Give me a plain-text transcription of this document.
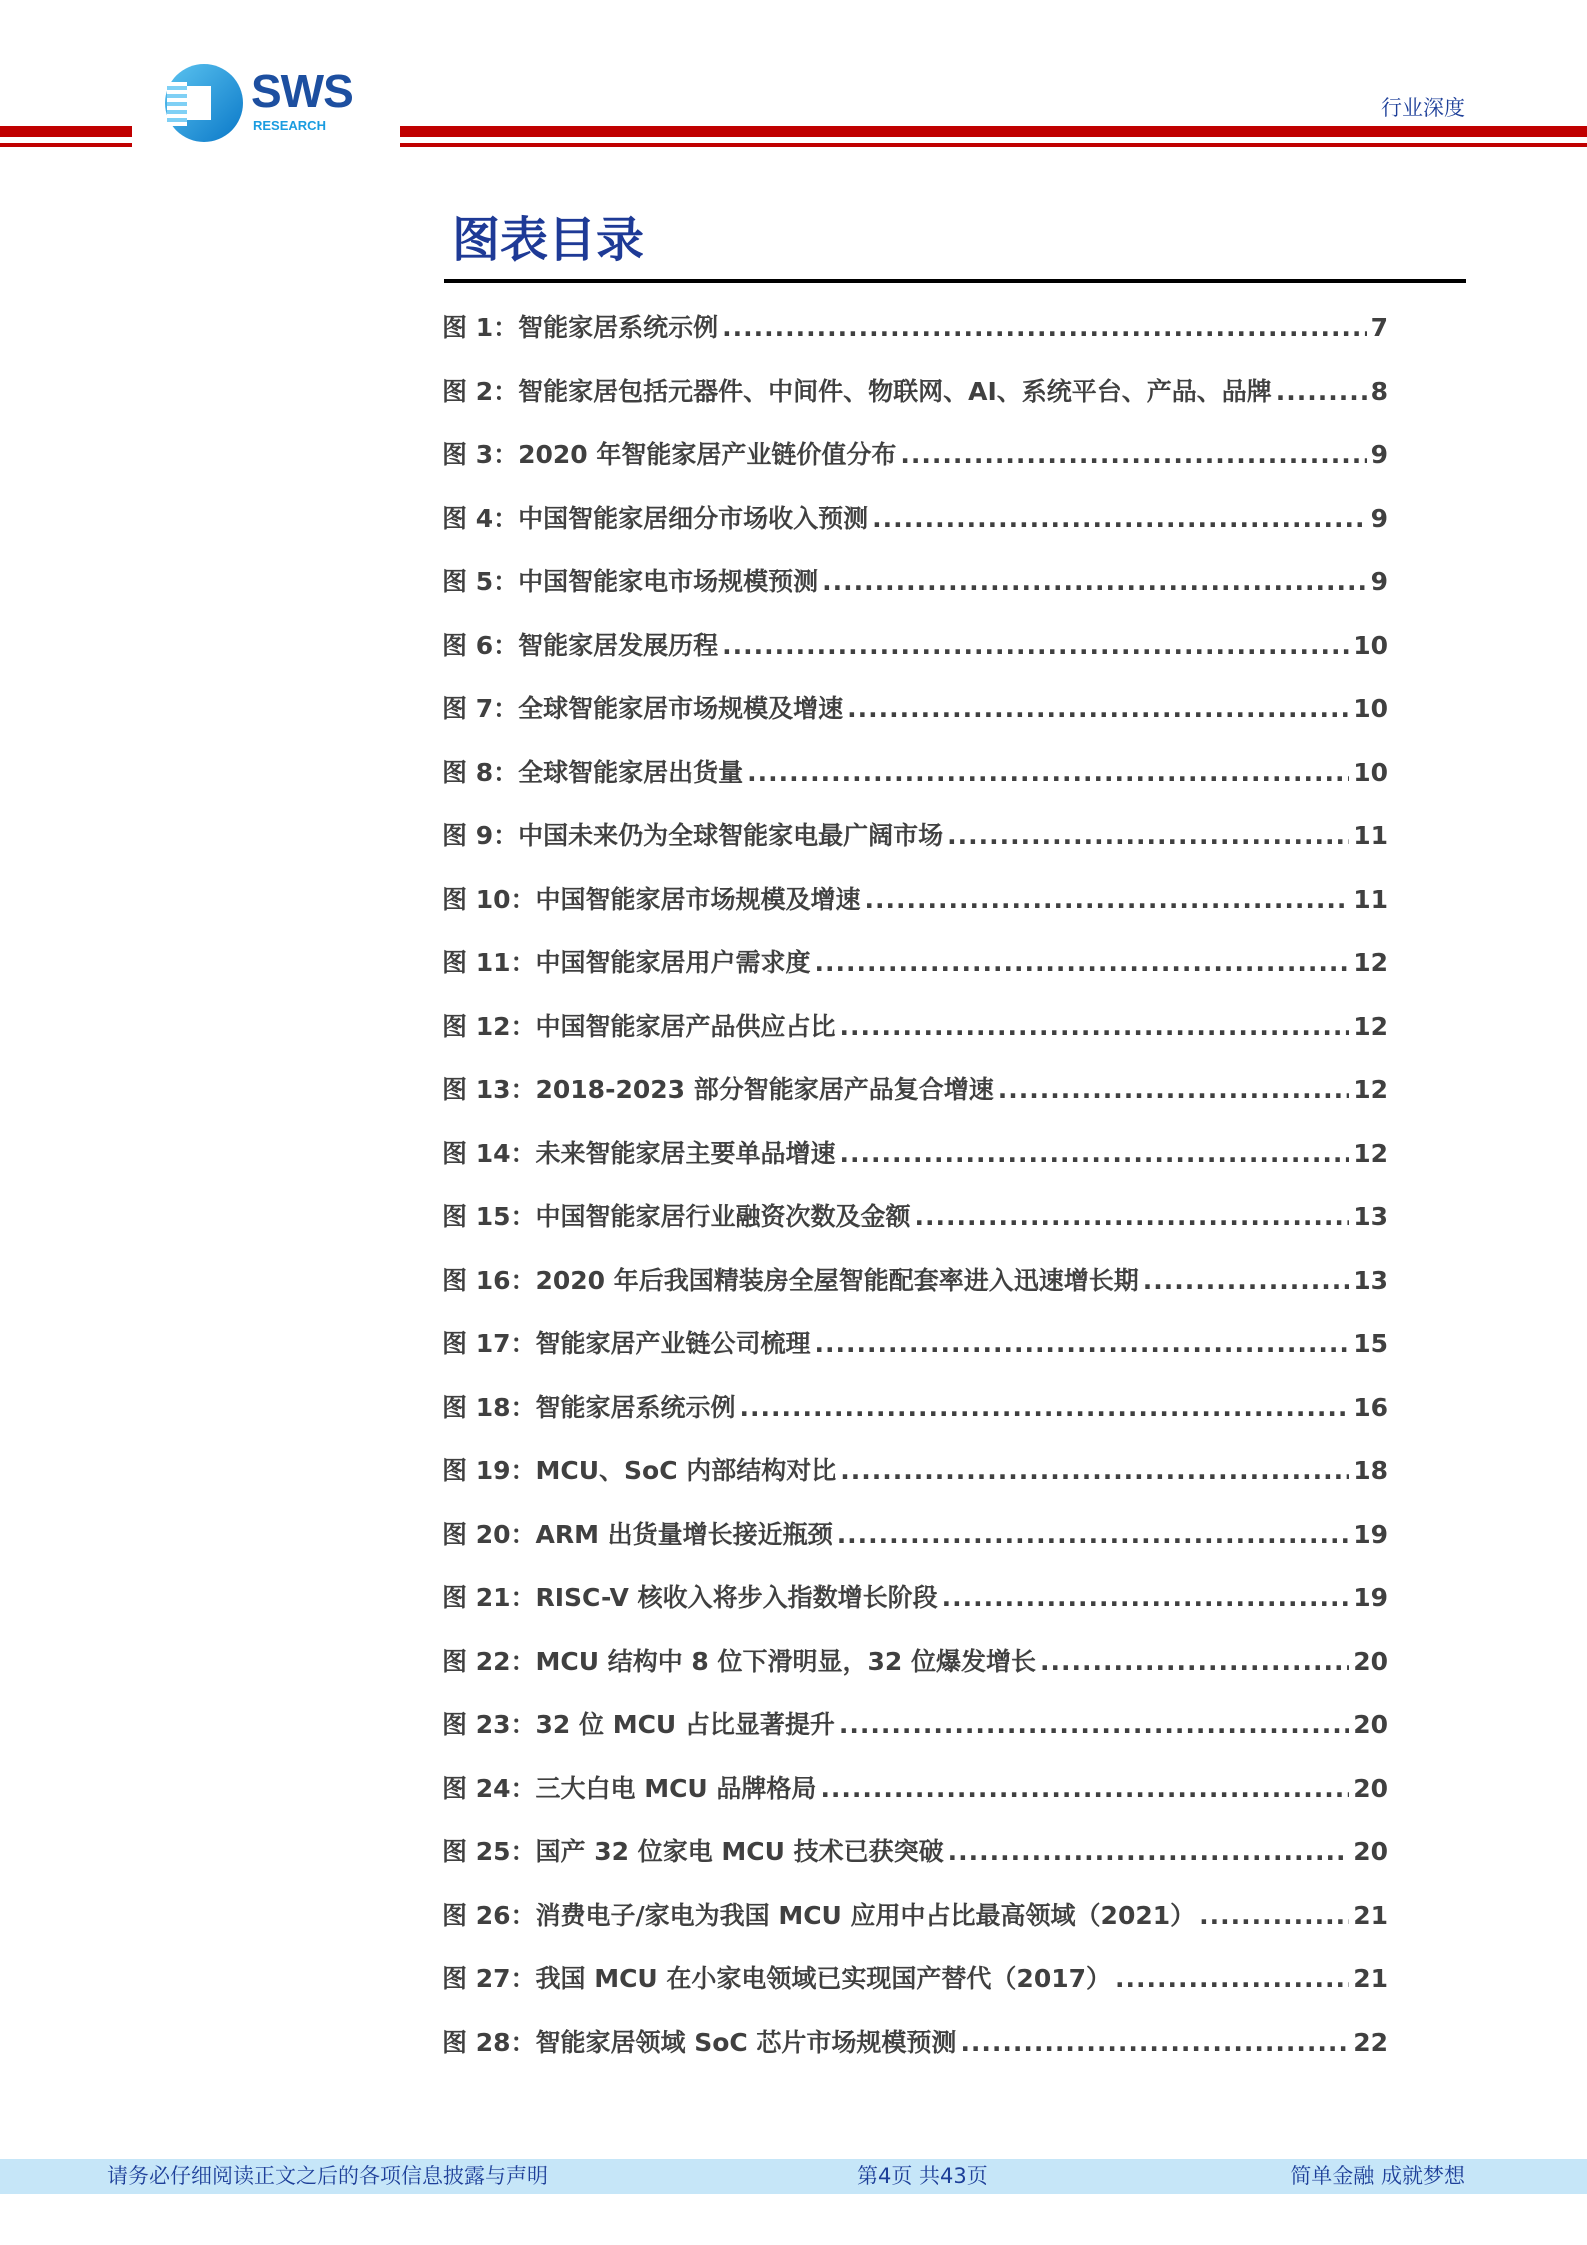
SWS
RESEARCH
行业深度
图表目录
图 1：智能家居系统示例 .....	7
图 2：智能家居包括元器件、中间件、物联网、AI、系统平台、产品、品牌 .....	8
图 3：2020 年智能家居产业链价值分布 .....	9
图 4：中国智能家居细分市场收入预测 .....	9
图 5：中国智能家电市场规模预测 .....	9
图 6：智能家居发展历程 .....	10
图 7：全球智能家居市场规模及增速 .....	10
图 8：全球智能家居出货量 .....	10
图 9：中国未来仍为全球智能家电最广阔市场 .....	11
图 10：中国智能家居市场规模及增速 .....	11
图 11：中国智能家居用户需求度 .....	12
图 12：中国智能家居产品供应占比 .....	12
图 13：2018-2023 部分智能家居产品复合增速 .....	12
图 14：未来智能家居主要单品增速 .....	12
图 15：中国智能家居行业融资次数及金额 .....	13
图 16：2020 年后我国精装房全屋智能配套率进入迅速增长期 .....	13
图 17：智能家居产业链公司梳理 .....	15
图 18：智能家居系统示例 .....	16
图 19：MCU、SoC 内部结构对比 .....	18
图 20：ARM 出货量增长接近瓶颈 .....	19
图 21：RISC-V 核收入将步入指数增长阶段 .....	19
图 22：MCU 结构中 8 位下滑明显，32 位爆发增长 .....	20
图 23：32 位 MCU 占比显著提升 .....	20
图 24：三大白电 MCU 品牌格局 .....	20
图 25：国产 32 位家电 MCU 技术已获突破 .....	20
图 26：消费电子/家电为我国 MCU 应用中占比最高领域（2021） .....	21
图 27：我国 MCU 在小家电领域已实现国产替代（2017） .....	21
图 28：智能家居领域 SoC 芯片市场规模预测 .....	22
请务必仔细阅读正文之后的各项信息披露与声明	第4页 共43页	简单金融 成就梦想
